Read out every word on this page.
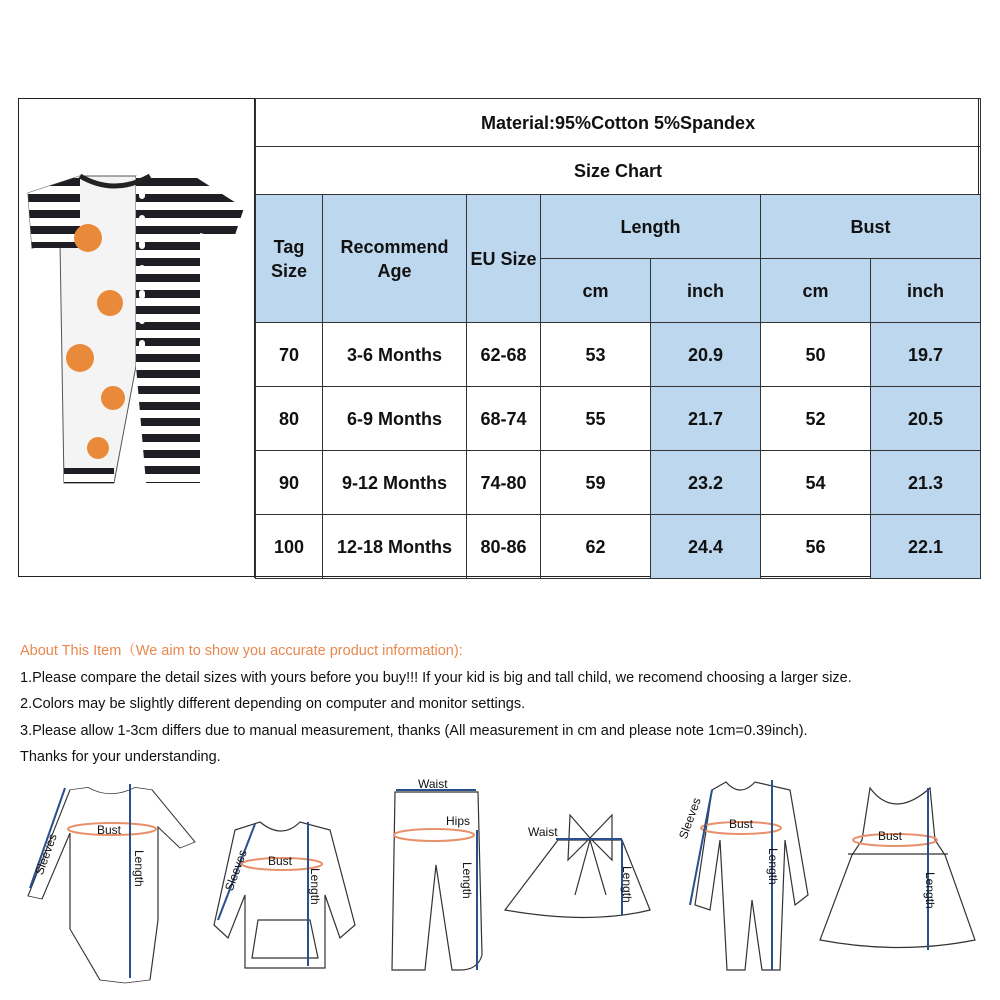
Material:95%Cotton 5%Spandex						
Size Chart						
Tag Size	Recommend Age	EU Size	Length		Bust	
			cm	inch	cm	inch
70	3-6 Months	62-68	53	20.9	50	19.7
80	6-9 Months	68-74	55	21.7	52	20.5
90	9-12 Months	74-80	59	23.2	54	21.3
100	12-18 Months	80-86	62	24.4	56	22.1
About This Item（We aim to show you accurate product information):
1.Please compare the detail sizes with yours before you buy!!! If your kid is big and tall child, we recomend choosing a larger size.
2.Colors may be slightly different depending on computer and monitor settings.
3.Please allow 1-3cm differs due to manual measurement, thanks (All measurement in cm and please note 1cm=0.39inch).
Thanks for your understanding.
Bust
Length
Sleeves	Bust
Length
Sleeves
Waist
Hips
Length
Waist
Length
Bust
Length
Sleeves	Bust
Length
